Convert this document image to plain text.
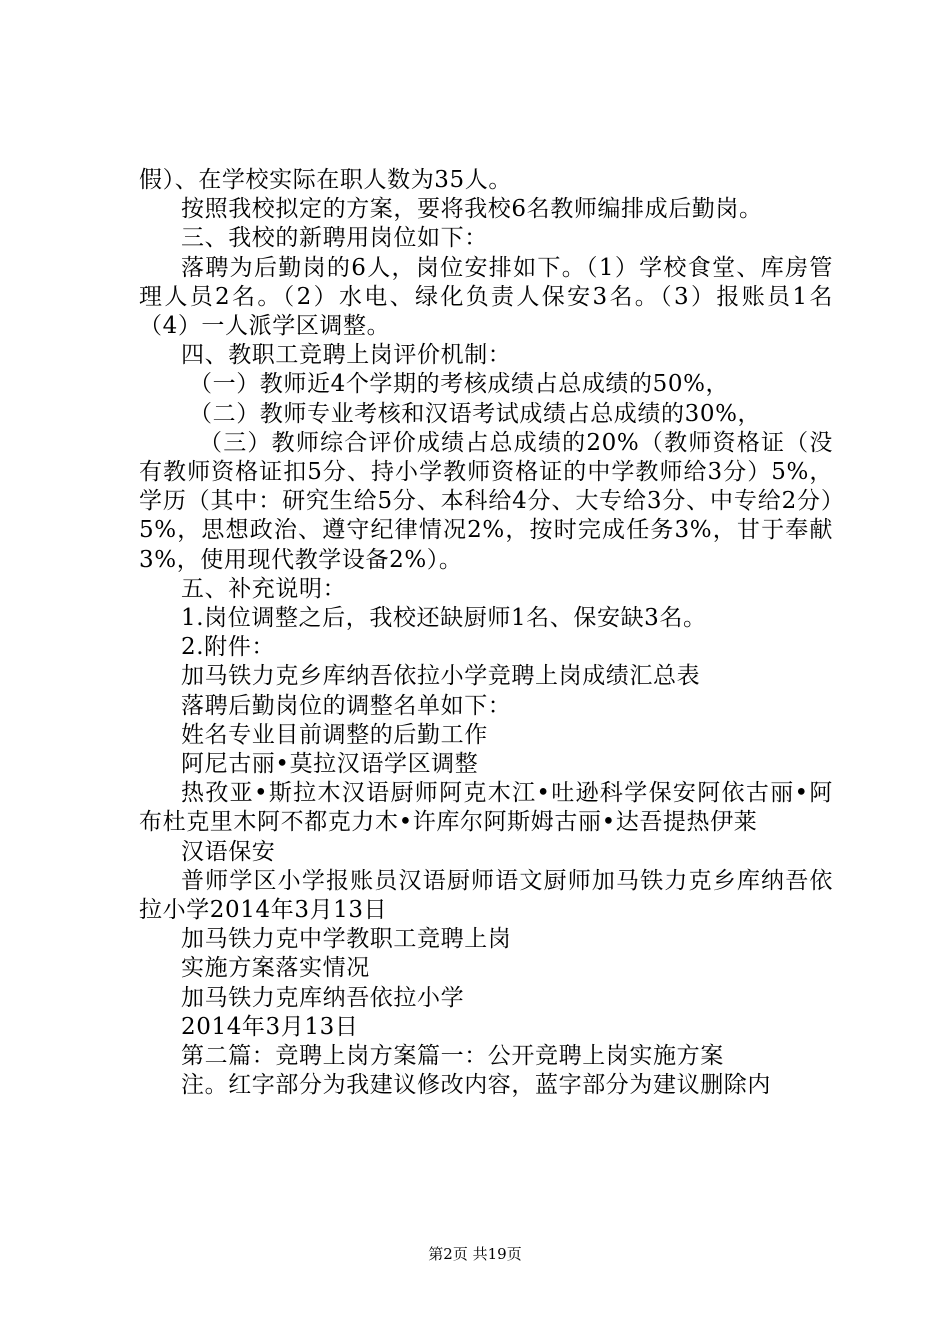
假）、在学校实际在职人数为35人。

按照我校拟定的方案，要将我校6名教师编排成后勤岗。

三、我校的新聘用岗位如下：

落聘为后勤岗的6人，岗位安排如下。（1）学校食堂、库房管理人员2名。（2）水电、绿化负责人保安3名。（3）报账员1名（4）一人派学区调整。

四、教职工竞聘上岗评价机制：

（一）教师近4个学期的考核成绩占总成绩的50%，

（二）教师专业考核和汉语考试成绩占总成绩的30%，

（三）教师综合评价成绩占总成绩的20%（教师资格证（没有教师资格证扣5分、持小学教师资格证的中学教师给3分）5%，学历（其中：研究生给5分、本科给4分、大专给3分、中专给2分）5%，思想政治、遵守纪律情况2%，按时完成任务3%，甘于奉献3%，使用现代教学设备2%）。

五、补充说明：

1.岗位调整之后，我校还缺厨师1名、保安缺3名。

2.附件：

加马铁力克乡库纳吾依拉小学竞聘上岗成绩汇总表

落聘后勤岗位的调整名单如下：

姓名专业目前调整的后勤工作

阿尼古丽•莫拉汉语学区调整

热孜亚•斯拉木汉语厨师阿克木江•吐逊科学保安阿依古丽•阿布杜克里木阿不都克力木•许库尔阿斯姆古丽•达吾提热伊莱

汉语保安

普师学区小学报账员汉语厨师语文厨师加马铁力克乡库纳吾依拉小学2014年3月13日

加马铁力克中学教职工竞聘上岗

实施方案落实情况

加马铁力克库纳吾依拉小学

2014年3月13日

第二篇：竞聘上岗方案篇一：公开竞聘上岗实施方案

注。红字部分为我建议修改内容，蓝字部分为建议删除内

第2页 共19页
